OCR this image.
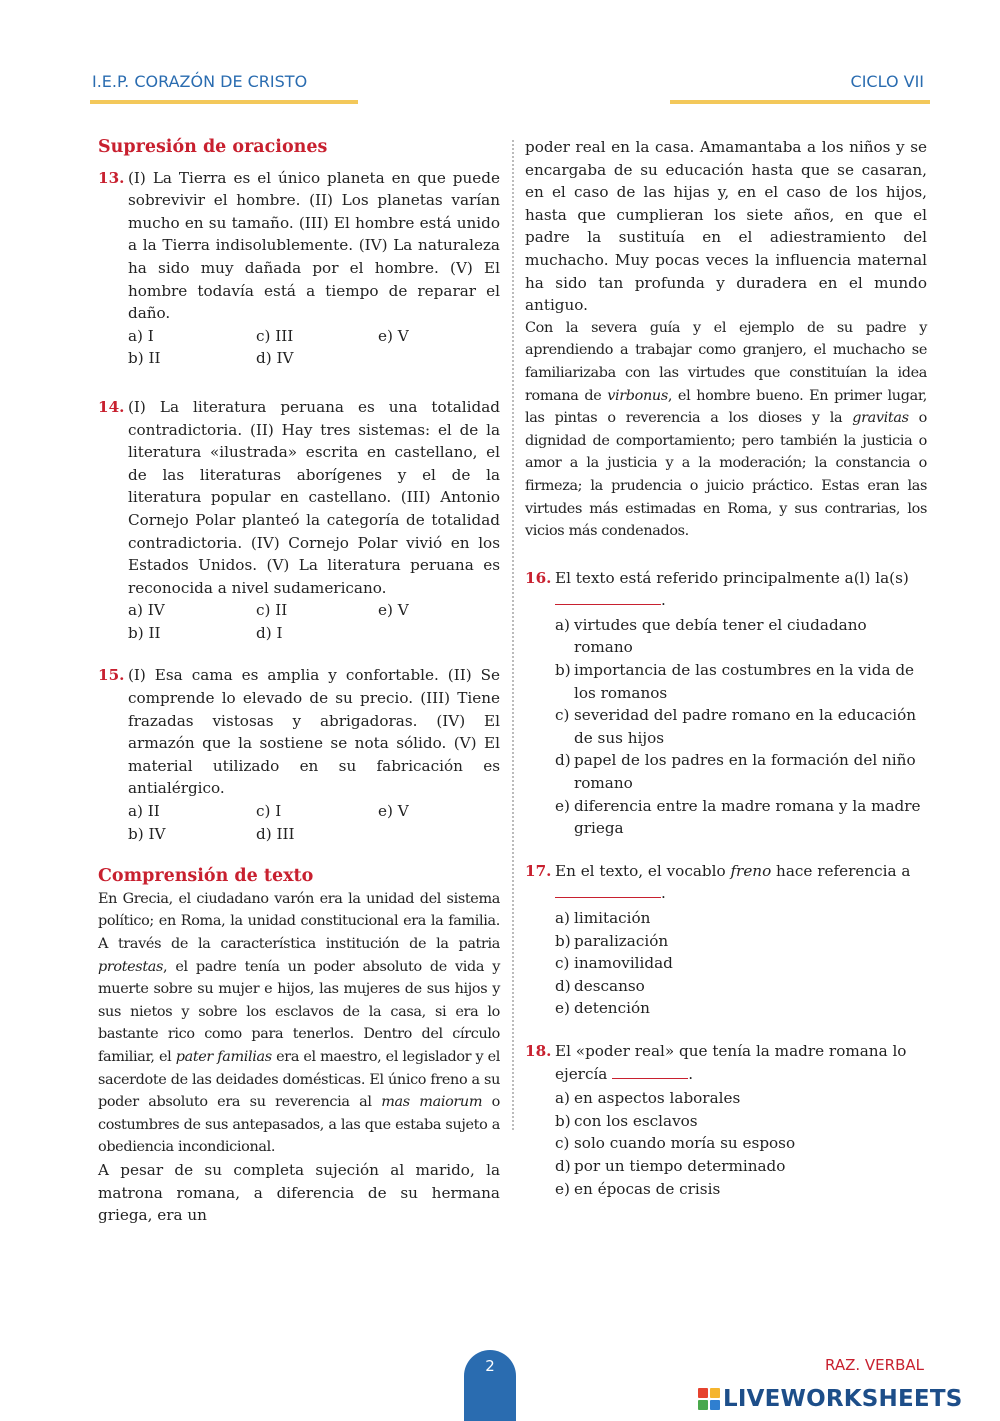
I.E.P. CORAZÓN DE CRISTO	CICLO VII
Supresión de oraciones
13. (I) La Tierra es el único planeta en que puede sobrevivir el hombre. (II) Los planetas varían mucho en su tamaño. (III) El hombre está unido a la Tierra indisolublemente. (IV) La naturaleza ha sido muy dañada por el hombre. (V) El hombre todavía está a tiempo de reparar el daño.
a) I	c) III	e) V
b) II	d) IV
14. (I) La literatura peruana es una totalidad contradictoria. (II) Hay tres sistemas: el de la literatura «ilustrada» escrita en castellano, el de las literaturas aborígenes y el de la literatura popular en castellano. (III) Antonio Cornejo Polar planteó la categoría de totalidad contradictoria. (IV) Cornejo Polar vivió en los Estados Unidos. (V) La literatura peruana es reconocida a nivel sudamericano.
a) IV	c) II	e) V
b) II	d) I
15. (I) Esa cama es amplia y confortable. (II) Se comprende lo elevado de su precio. (III) Tiene frazadas vistosas y abrigadoras. (IV) El armazón que la sostiene se nota sólido. (V) El material utilizado en su fabricación es antialérgico.
a) II	c) I	e) V
b) IV	d) III
Comprensión de texto

En Grecia, el ciudadano varón era la unidad del sistema político; en Roma, la unidad constitucional era la familia. A través de la característica institución de la patria protestas, el padre tenía un poder absoluto de vida y muerte sobre su mujer e hijos, las mujeres de sus hijos y sus nietos y sobre los esclavos de la casa, si era lo bastante rico como para tenerlos. Dentro del círculo familiar, el pater familias era el maestro, el legislador y el sacerdote de las deidades domésticas. El único freno a su poder absoluto era su reverencia al mas maiorum o costumbres de sus antepasados, a las que estaba sujeto a obediencia incondicional.

A pesar de su completa sujeción al marido, la matrona romana, a diferencia de su hermana griega, era un

poder real en la casa. Amamantaba a los niños y se encargaba de su educación hasta que se casaran, en el caso de las hijas y, en el caso de los hijos, hasta que cumplieran los siete años, en que el padre la sustituía en el adiestramiento del muchacho. Muy pocas veces la influencia maternal ha sido tan profunda y duradera en el mundo antiguo.

Con la severa guía y el ejemplo de su padre y aprendiendo a trabajar como granjero, el muchacho se familiarizaba con las virtudes que constituían la idea romana de virbonus, el hombre bueno. En primer lugar, las pintas o reverencia a los dioses y la gravitas o dignidad de comportamiento; pero también la justicia o amor a la justicia y a la moderación; la constancia o firmeza; la prudencia o juicio práctico. Estas eran las virtudes más estimadas en Roma, y sus contrarias, los vicios más condenados.

16. El texto está referido principalmente a(l) la(s)
.
a) virtudes que debía tener el ciudadano romano
b) importancia de las costumbres en la vida de los romanos
c) severidad del padre romano en la educación de sus hijos
d) papel de los padres en la formación del niño romano
e) diferencia entre la madre romana y la madre griega
17. En el texto, el vocablo freno hace referencia a
.
a) limitación
b) paralización
c) inamovilidad
d) descanso
e) detención
18. El «poder real» que tenía la madre romana lo ejercía	.
a) en aspectos laborales
b) con los esclavos
c) solo cuando moría su esposo
d) por un tiempo determinado
e) en épocas de crisis
2	RAZ. VERBAL
LIVEWORKSHEETS
